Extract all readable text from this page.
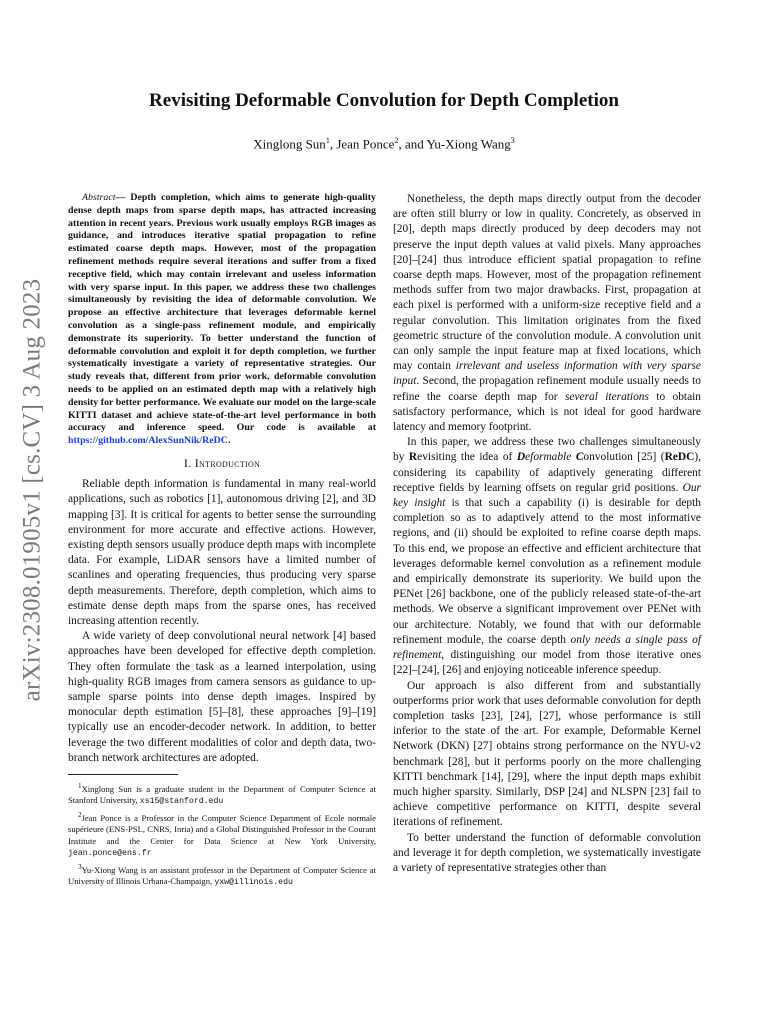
arXiv:2308.01905v1 [cs.CV] 3 Aug 2023
Revisiting Deformable Convolution for Depth Completion
Xinglong Sun$^1$, Jean Ponce$^2$, and Yu-Xiong Wang$^3$

Abstract— Depth completion, which aims to generate high-quality dense depth maps from sparse depth maps, has attracted increasing attention in recent years. Previous work usually employs RGB images as guidance, and introduces iterative spatial propagation to refine estimated coarse depth maps. However, most of the propagation refinement methods require several iterations and suffer from a fixed receptive field, which may contain irrelevant and useless information with very sparse input. In this paper, we address these two challenges simultaneously by revisiting the idea of deformable convolution. We propose an effective architecture that leverages deformable kernel convolution as a single-pass refinement module, and empirically demonstrate its superiority. To better understand the function of deformable convolution and exploit it for depth completion, we further systematically investigate a variety of representative strategies. Our study reveals that, different from prior work, deformable convolution needs to be applied on an estimated depth map with a relatively high density for better performance. We evaluate our model on the large-scale KITTI dataset and achieve state-of-the-art level performance in both accuracy and inference speed. Our code is available at https://github.com/AlexSunNik/ReDC.

I. Introduction

Reliable depth information is fundamental in many real-world applications, such as robotics [1], autonomous driving [2], and 3D mapping [3]. It is critical for agents to better sense the surrounding environment for more accurate and effective actions. However, existing depth sensors usually produce depth maps with incomplete data. For example, LiDAR sensors have a limited number of scanlines and operating frequencies, thus producing very sparse depth measurements. Therefore, depth completion, which aims to estimate dense depth maps from the sparse ones, has received increasing attention recently.

A wide variety of deep convolutional neural network [4] based approaches have been developed for effective depth completion. They often formulate the task as a learned interpolation, using high-quality RGB images from camera sensors as guidance to up-sample sparse points into dense depth images. Inspired by monocular depth estimation [5]–[8], these approaches [9]–[19] typically use an encoder-decoder network. In addition, to better leverage the two different modalities of color and depth data, two-branch network architectures are adopted.

$^1$Xinglong Sun is a graduate student in the Department of Computer Science at Stanford University, xs15@stanford.edu

$^2$Jean Ponce is a Professor in the Computer Science Department of Ecole normale supérieure (ENS-PSL, CNRS, Inria) and a Global Distinguished Professor in the Courant Institute and the Center for Data Science at New York University, jean.ponce@ens.fr

$^3$Yu-Xiong Wang is an assistant professor in the Department of Computer Science at University of Illinois Urbana-Champaign, yxw@illinois.edu

Nonetheless, the depth maps directly output from the decoder are often still blurry or low in quality. Concretely, as observed in [20], depth maps directly produced by deep decoders may not preserve the input depth values at valid pixels. Many approaches [20]–[24] thus introduce efficient spatial propagation to refine coarse depth maps. However, most of the propagation refinement methods suffer from two major drawbacks. First, propagation at each pixel is performed with a uniform-size receptive field and a regular convolution. This limitation originates from the fixed geometric structure of the convolution module. A convolution unit can only sample the input feature map at fixed locations, which may contain irrelevant and useless information with very sparse input. Second, the propagation refinement module usually needs to refine the coarse depth map for several iterations to obtain satisfactory performance, which is not ideal for good hardware latency and memory footprint.

In this paper, we address these two challenges simultaneously by Revisiting the idea of Deformable Convolution [25] (ReDC), considering its capability of adaptively generating different receptive fields by learning offsets on regular grid positions. Our key insight is that such a capability (i) is desirable for depth completion so as to adaptively attend to the most informative regions, and (ii) should be exploited to refine coarse depth maps. To this end, we propose an effective and efficient architecture that leverages deformable kernel convolution as a refinement module and empirically demonstrate its superiority. We build upon the PENet [26] backbone, one of the publicly released state-of-the-art methods. We observe a significant improvement over PENet with our architecture. Notably, we found that with our deformable refinement module, the coarse depth only needs a single pass of refinement, distinguishing our model from those iterative ones [22]–[24], [26] and enjoying noticeable inference speedup.

Our approach is also different from and substantially outperforms prior work that uses deformable convolution for depth completion tasks [23], [24], [27], whose performance is still inferior to the state of the art. For example, Deformable Kernel Network (DKN) [27] obtains strong performance on the NYU-v2 benchmark [28], but it performs poorly on the more challenging KITTI benchmark [14], [29], where the input depth maps exhibit much higher sparsity. Similarly, DSP [24] and NLSPN [23] fail to achieve competitive performance on KITTI, despite several iterations of refinement.

To better understand the function of deformable convolution and leverage it for depth completion, we systematically investigate a variety of representative strategies other than
